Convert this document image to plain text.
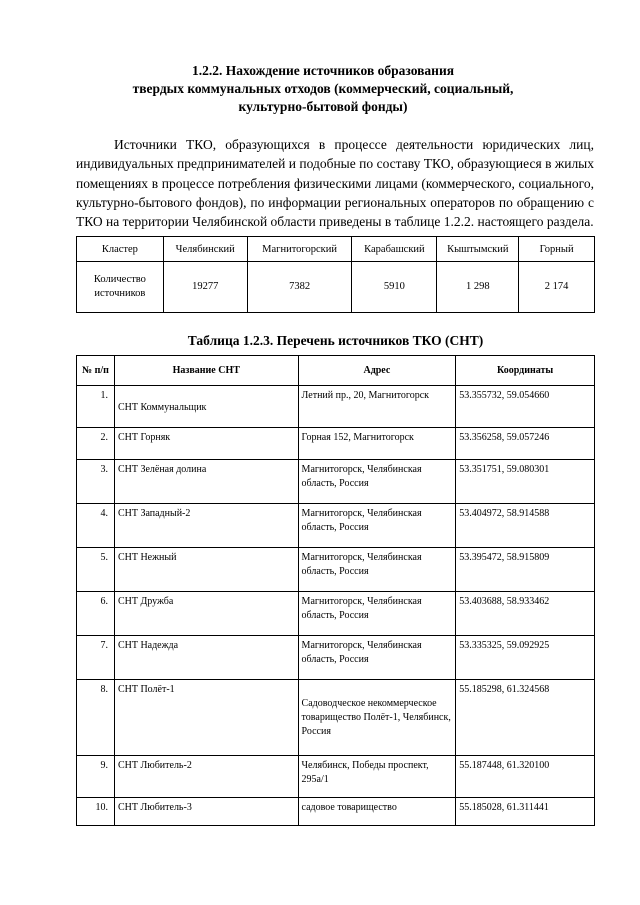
1.2.2. Нахождение источников образования
твердых коммунальных отходов (коммерческий, социальный,
культурно-бытовой фонды)
Источники ТКО, образующихся в процессе деятельности юридических лиц, индивидуальных предпринимателей и подобные по составу ТКО, образующиеся в жилых помещениях в процессе потребления физическими лицами (коммерческого, социального, культурно-бытового фондов), по информации региональных операторов по обращению с ТКО на территории Челябинской области приведены в таблице 1.2.2. настоящего раздела.
Кластер	Челябинский	Магнитогорский	Карабашский	Кыштымский	Горный
Количество источников	19277	7382	5910	1 298	2 174
Таблица 1.2.3. Перечень источников ТКО (СНТ)
№ п/п	Название СНТ	Адрес	Координаты
1.	СНТ Коммунальщик	Летний пр., 20, Магнитогорск	53.355732, 59.054660
2.	СНТ Горняк	Горная 152, Магнитогорск	53.356258, 59.057246
3.	СНТ Зелёная долина	Магнитогорск, Челябинская область, Россия	53.351751, 59.080301
4.	СНТ Западный-2	Магнитогорск, Челябинская область, Россия	53.404972, 58.914588
5.	СНТ Нежный	Магнитогорск, Челябинская область, Россия	53.395472, 58.915809
6.	СНТ Дружба	Магнитогорск, Челябинская область, Россия	53.403688, 58.933462
7.	СНТ Надежда	Магнитогорск, Челябинская область, Россия	53.335325, 59.092925
8.	СНТ Полёт-1	Садоводческое некоммерческое товарищество Полёт-1, Челябинск, Россия	55.185298, 61.324568
9.	СНТ Любитель-2	Челябинск, Победы проспект, 295а/1	55.187448, 61.320100
10.	СНТ Любитель-3	садовое товарищество	55.185028, 61.311441
